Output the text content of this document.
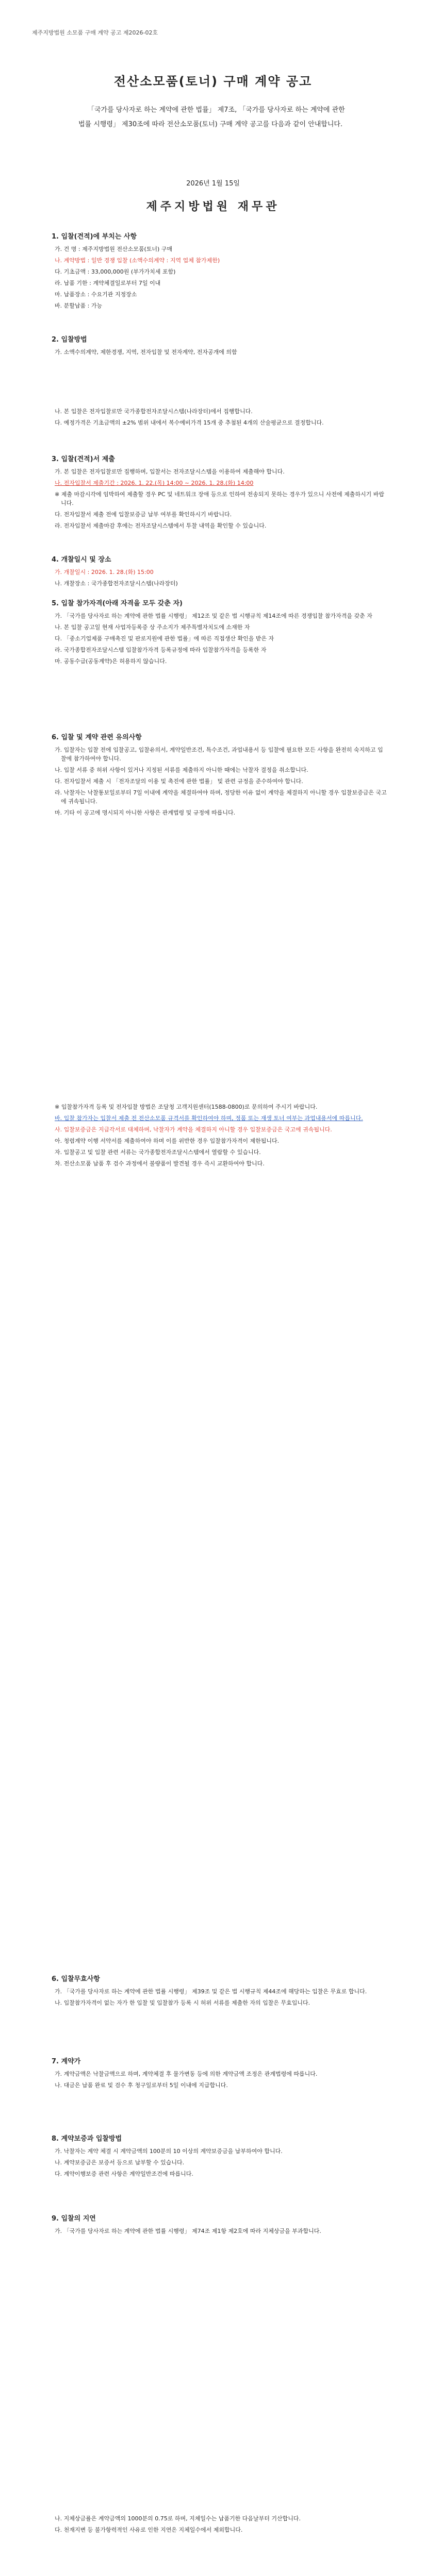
제주지방법원 소모품 구매 계약 공고 제2026-02호
전산소모품(토너) 구매 계약 공고
「국가를 당사자로 하는 계약에 관한 법률」 제7조, 「국가를 당사자로 하는 계약에 관한 법률 시행령」 제30조에 따라 전산소모품(토너) 구매 계약 공고를 다음과 같이 안내합니다.
2026년 1월 15일
제주지방법원 재무관
1. 입찰(견적)에 부치는 사항

가. 건 명 : 제주지방법원 전산소모품(토너) 구매

나. 계약방법 : 일반 경쟁 입찰 (소액수의계약 : 지역 업체 참가제한)

다. 기초금액 : 33,000,000원 (부가가치세 포함)

라. 납품 기한 : 계약체결일로부터 7일 이내

마. 납품장소 : 수요기관 지정장소

바. 분할납품 : 가능

2. 입찰방법

가. 소액수의계약, 제한경쟁, 지역, 전자입찰 및 전자계약, 전자공개에 의함

나. 본 입찰은 전자입찰로만 국가종합전자조달시스템(나라장터)에서 집행합니다.

다. 예정가격은 기초금액의 ±2% 범위 내에서 복수예비가격 15개 중 추첨된 4개의 산술평균으로 결정합니다.

3. 입찰(견적)서 제출

가. 본 입찰은 전자입찰로만 집행하며, 입찰서는 전자조달시스템을 이용하여 제출해야 합니다.

나. 전자입찰서 제출기간 : 2026. 1. 22.(목) 14:00 ~ 2026. 1. 28.(화) 14:00

※ 제출 마감시각에 임박하여 제출할 경우 PC 및 네트워크 장애 등으로 인하여 전송되지 못하는 경우가 있으니 사전에 제출하시기 바랍니다.

다. 전자입찰서 제출 전에 입찰보증금 납부 여부를 확인하시기 바랍니다.

라. 전자입찰서 제출마감 후에는 전자조달시스템에서 투찰 내역을 확인할 수 있습니다.

4. 개찰일시 및 장소

가. 개찰일시 : 2026. 1. 28.(화) 15:00

나. 개찰장소 : 국가종합전자조달시스템(나라장터)

5. 입찰 참가자격(아래 자격을 모두 갖춘 자)

가. 「국가를 당사자로 하는 계약에 관한 법률 시행령」 제12조 및 같은 법 시행규칙 제14조에 따른 경쟁입찰 참가자격을 갖춘 자

나. 본 입찰 공고일 현재 사업자등록증 상 주소지가 제주특별자치도에 소재한 자

다. 「중소기업제품 구매촉진 및 판로지원에 관한 법률」에 따른 직접생산 확인을 받은 자

라. 국가종합전자조달시스템 입찰참가자격 등록규정에 따라 입찰참가자격을 등록한 자

마. 공동수급(공동계약)은 허용하지 않습니다.

6. 입찰 및 계약 관련 유의사항

가. 입찰자는 입찰 전에 입찰공고, 입찰유의서, 계약일반조건, 특수조건, 과업내용서 등 입찰에 필요한 모든 사항을 완전히 숙지하고 입찰에 참가하여야 합니다.

나. 입찰 서류 중 허위 사항이 있거나 지정된 서류를 제출하지 아니한 때에는 낙찰자 결정을 취소합니다.

다. 전자입찰서 제출 시 「전자조달의 이용 및 촉진에 관한 법률」 및 관련 규정을 준수하여야 합니다.

라. 낙찰자는 낙찰통보일로부터 7일 이내에 계약을 체결하여야 하며, 정당한 이유 없이 계약을 체결하지 아니할 경우 입찰보증금은 국고에 귀속됩니다.

마. 기타 이 공고에 명시되지 아니한 사항은 관계법령 및 규정에 따릅니다.

※ 입찰참가자격 등록 및 전자입찰 방법은 조달청 고객지원센터(1588-0800)로 문의하여 주시기 바랍니다.

바. 입찰 참가자는 입찰서 제출 전 전산소모품 규격서를 확인하여야 하며, 정품 또는 재생 토너 여부는 과업내용서에 따릅니다.

사. 입찰보증금은 지급각서로 대체하며, 낙찰자가 계약을 체결하지 아니할 경우 입찰보증금은 국고에 귀속됩니다.

아. 청렴계약 이행 서약서를 제출하여야 하며 이를 위반한 경우 입찰참가자격이 제한됩니다.

자. 입찰공고 및 입찰 관련 서류는 국가종합전자조달시스템에서 열람할 수 있습니다.

차. 전산소모품 납품 후 검수 과정에서 불량품이 발견될 경우 즉시 교환하여야 합니다.

6. 입찰무효사항

가. 「국가를 당사자로 하는 계약에 관한 법률 시행령」 제39조 및 같은 법 시행규칙 제44조에 해당하는 입찰은 무효로 합니다.

나. 입찰참가자격이 없는 자가 한 입찰 및 입찰참가 등록 시 허위 서류를 제출한 자의 입찰은 무효입니다.

7. 계약가

가. 계약금액은 낙찰금액으로 하며, 계약체결 후 물가변동 등에 의한 계약금액 조정은 관계법령에 따릅니다.

나. 대금은 납품 완료 및 검수 후 청구일로부터 5일 이내에 지급합니다.

8. 계약보증과 입찰방법

가. 낙찰자는 계약 체결 시 계약금액의 100분의 10 이상의 계약보증금을 납부하여야 합니다.

나. 계약보증금은 보증서 등으로 납부할 수 있습니다.

다. 계약이행보증 관련 사항은 계약일반조건에 따릅니다.

9. 입찰의 지연

가. 「국가를 당사자로 하는 계약에 관한 법률 시행령」 제74조 제1항 제2호에 따라 지체상금을 부과합니다.

나. 지체상금률은 계약금액의 1000분의 0.75로 하며, 지체일수는 납품기한 다음날부터 기산합니다.

다. 천재지변 등 불가항력적인 사유로 인한 지연은 지체일수에서 제외합니다.
